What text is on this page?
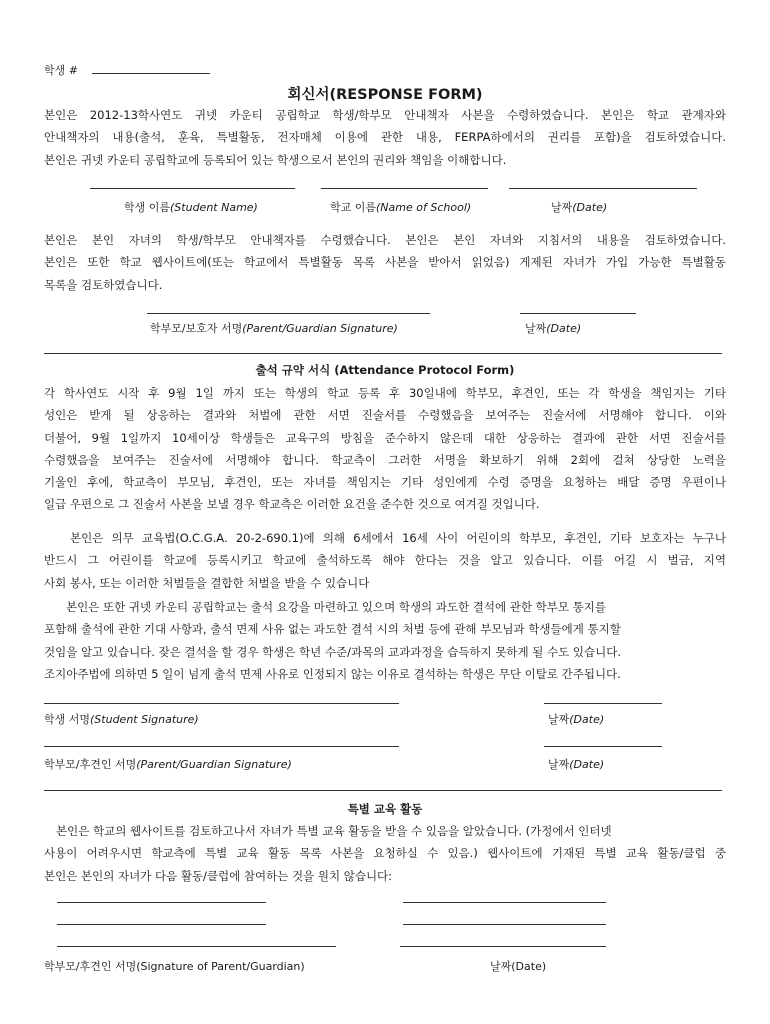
학생 #
회신서(RESPONSE FORM)

본인은 2012-13학사연도 귀넷 카운티 공립학교 학생/학부모 안내책자 사본을 수령하였습니다. 본인은 학교 관계자와

안내책자의 내용(출석, 훈육, 특별활동, 전자매체 이용에 관한 내용, FERPA하에서의 권리를 포함)을 검토하였습니다.

본인은 귀넷 카운티 공립학교에 등록되어 있는 학생으로서 본인의 권리와 책임을 이해합니다.

학생 이름(Student Name)	학교 이름(Name of School)	날짜(Date)

본인은 본인 자녀의 학생/학부모 안내책자를 수령했습니다. 본인은 본인 자녀와 지침서의 내용을 검토하였습니다.

본인은 또한 학교 웹사이트에(또는 학교에서 특별활동 목록 사본을 받아서 읽었음) 게제된 자녀가 가입 가능한 특별활동

목록을 검토하였습니다.

학부모/보호자 서명(Parent/Guardian Signature)	날짜(Date)
출석 규약 서식 (Attendance Protocol Form)

각 학사연도 시작 후 9월 1일 까지 또는 학생의 학교 등록 후 30일내에 학부모, 후견인, 또는 각 학생을 책임지는 기타

성인은 받게 될 상응하는 결과와 처벌에 관한 서면 진술서를 수령했음을 보여주는 진술서에 서명해야 합니다. 이와

더불어, 9월 1일까지 10세이상 학생들은 교육구의 방침을 준수하지 않은데 대한 상응하는 결과에 관한 서면 진술서를

수령했음을 보여주는 진술서에 서명해야 합니다. 학교측이 그러한 서명을 확보하기 위해 2회에 걸쳐 상당한 노력을

기울인 후에, 학교측이 부모님, 후견인, 또는 자녀를 책임지는 기타 성인에게 수령 증명을 요청하는 배달 증명 우편이나

일급 우편으로 그 진술서 사본을 보낼 경우 학교측은 이러한 요건을 준수한 것으로 여겨질 것입니다.

본인은 의무 교육법(O.C.G.A. 20-2-690.1)에 의해 6세에서 16세 사이 어린이의 학부모, 후견인, 기타 보호자는 누구나

반드시 그 어린이를 학교에 등록시키고 학교에 출석하도록 해야 한다는 것을 알고 있습니다. 이를 어길 시 벌금, 지역

사회 봉사, 또는 이러한 처벌들을 결합한 처벌을 받을 수 있습니다

본인은 또한 귀넷 카운티 공립학교는 출석 요강을 마련하고 있으며 학생의 과도한 결석에 관한 학부모 통지를

포함해 출석에 관한 기대 사항과, 출석 면제 사유 없는 과도한 결석 시의 처벌 등에 관해 부모님과 학생들에게 통지할

것임을 알고 있습니다. 잦은 결석을 할 경우 학생은 학년 수준/과목의 교과과정을 습득하지 못하게 될 수도 있습니다.

조지아주법에 의하면 5 일이 넘게 출석 면제 사유로 인정되지 않는 이유로 결석하는 학생은 무단 이탈로 간주됩니다.

학생 서명(Student Signature)	날짜(Date)
학부모/후견인 서명(Parent/Guardian Signature)	날짜(Date)
특별 교육 활동

본인은 학교의 웹사이트를 검토하고나서 자녀가 특별 교육 활동을 받을 수 있음을 알았습니다. (가정에서 인터넷

사용이 어려우시면 학교측에 특별 교육 활동 목록 사본을 요청하실 수 있음.) 웹사이트에 기재된 특별 교육 활동/클럽 중

본인은 본인의 자녀가 다음 활동/클럽에 참여하는 것을 원치 않습니다:

학부모/후견인 서명(Signature of Parent/Guardian)	날짜(Date)
